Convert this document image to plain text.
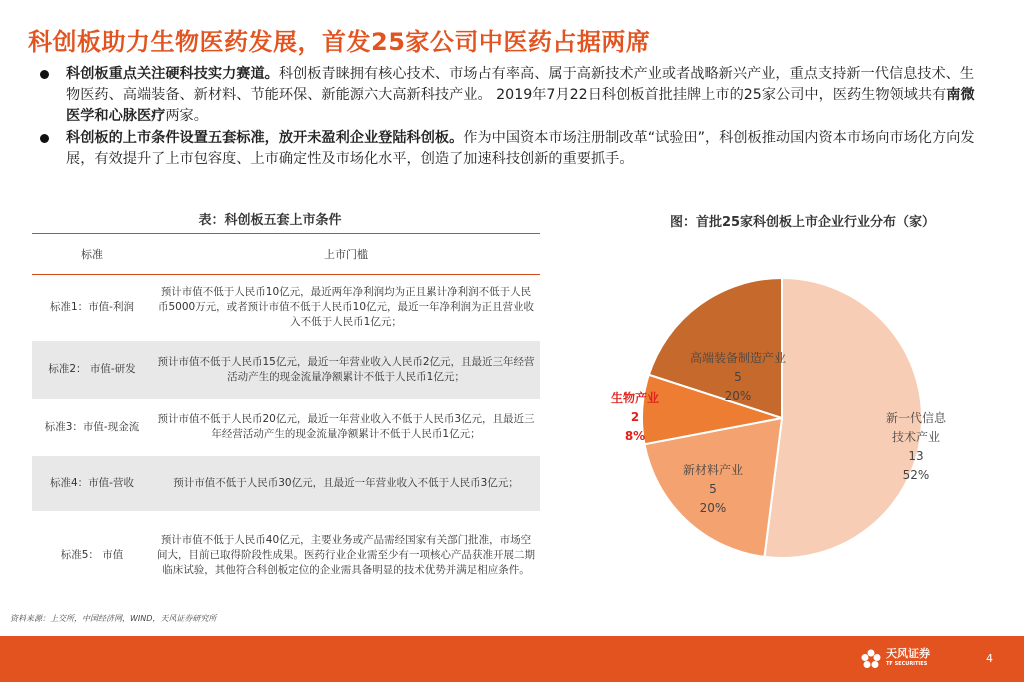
科创板助力生物医药发展，首发25家公司中医药占据两席
科创板重点关注硬科技实力赛道。科创板青睐拥有核心技术、市场占有率高、属于高新技术产业或者战略新兴产业，重点支持新一代信息技术、生物医药、高端装备、新材料、节能环保、新能源六大高新科技产业。 2019年7月22日科创板首批挂牌上市的25家公司中，医药生物领域共有南微医学和心脉医疗两家。
科创板的上市条件设置五套标准，放开未盈利企业登陆科创板。作为中国资本市场注册制改革“试验田”，科创板推动国内资本市场向市场化方向发展，有效提升了上市包容度、上市确定性及市场化水平，创造了加速科技创新的重要抓手。
表：科创板五套上市条件
标准	上市门槛
标准1：市值-利润	预计市值不低于人民币10亿元，最近两年净利润均为正且累计净利润不低于人民币5000万元，或者预计市值不低于人民币10亿元，最近一年净利润为正且营业收入不低于人民币1亿元；
标准2： 市值-研发	预计市值不低于人民币15亿元，最近一年营业收入人民币2亿元，且最近三年经营活动产生的现金流量净额累计不低于人民币1亿元；
标准3：市值-现金流	预计市值不低于人民币20亿元，最近一年营业收入不低于人民币3亿元，且最近三年经营活动产生的现金流量净额累计不低于人民币1亿元；
标准4：市值-营收	预计市值不低于人民币30亿元，且最近一年营业收入不低于人民币3亿元；
标准5： 市值	预计市值不低于人民币40亿元，主要业务或产品需经国家有关部门批准，市场空间大，目前已取得阶段性成果。医药行业企业需至少有一项核心产品获准开展二期临床试验，其他符合科创板定位的企业需具备明显的技术优势并满足相应条件。
资料来源：上交所，中国经济网，WIND，天风证券研究所
图：首批25家科创板上市企业行业分布（家）
新一代信息
技术产业
13
52%
新材料产业
5
20%
生物产业
2
8%
高端装备制造产业
5
20%
天风证券
TF SECURITIES	4
